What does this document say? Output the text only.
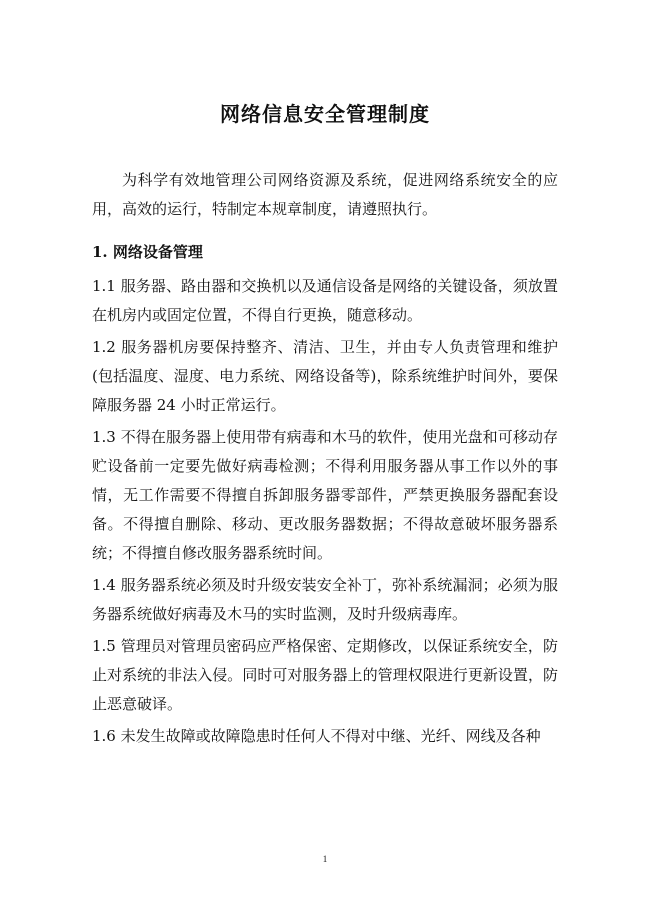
网络信息安全管理制度

为科学有效地管理公司网络资源及系统，促进网络系统安全的应用，高效的运行，特制定本规章制度，请遵照执行。

1. 网络设备管理

1.1 服务器、路由器和交换机以及通信设备是网络的关键设备，须放置在机房内或固定位置，不得自行更换，随意移动。

1.2 服务器机房要保持整齐、清洁、卫生，并由专人负责管理和维护(包括温度、湿度、电力系统、网络设备等)，除系统维护时间外，要保障服务器 24 小时正常运行。

1.3 不得在服务器上使用带有病毒和木马的软件，使用光盘和可移动存贮设备前一定要先做好病毒检测；不得利用服务器从事工作以外的事情，无工作需要不得擅自拆卸服务器零部件，严禁更换服务器配套设备。不得擅自删除、移动、更改服务器数据；不得故意破坏服务器系统；不得擅自修改服务器系统时间。

1.4 服务器系统必须及时升级安装安全补丁，弥补系统漏洞；必须为服务器系统做好病毒及木马的实时监测，及时升级病毒库。

1.5 管理员对管理员密码应严格保密、定期修改，以保证系统安全，防止对系统的非法入侵。同时可对服务器上的管理权限进行更新设置，防止恶意破译。

1.6 未发生故障或故障隐患时任何人不得对中继、光纤、网线及各种

1
